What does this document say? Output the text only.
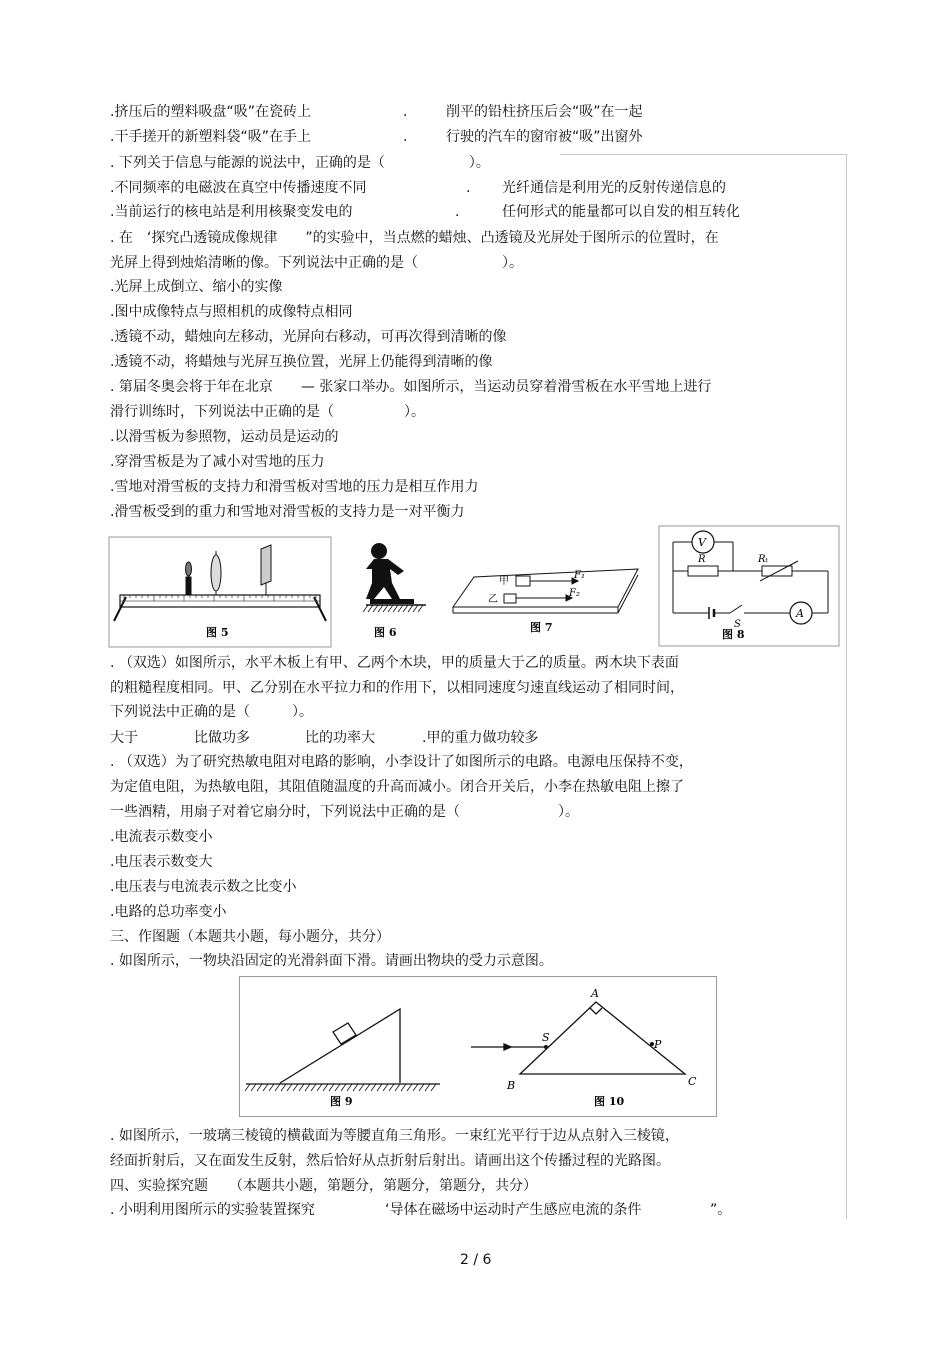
.挤压后的塑料吸盘“吸”在瓷砖上	.	削平的铅柱挤压后会“吸”在一起
.干手搓开的新塑料袋“吸”在手上	.	行驶的汽车的窗帘被“吸”出窗外
. 下列关于信息与能源的说法中，正确的是（　　　　　　）。
.不同频率的电磁波在真空中传播速度不同	. 光纤通信是利用光的反射传递信息的
.当前运行的核电站是利用核聚变发电的	.	任何形式的能量都可以自发的相互转化
. 在　‘探究凸透镜成像规律　　”的实验中，当点燃的蜡烛、凸透镜及光屏处于图所示的位置时，在
光屏上得到烛焰清晰的像。下列说法中正确的是（　　　　　　）。
.光屏上成倒立、缩小的实像
.图中成像特点与照相机的成像特点相同
.透镜不动，蜡烛向左移动，光屏向右移动，可再次得到清晰的像
.透镜不动，将蜡烛与光屏互换位置，光屏上仍能得到清晰的像
. 第届冬奥会将于年在北京　　— 张家口举办。如图所示，当运动员穿着滑雪板在水平雪地上进行
滑行训练时，下列说法中正确的是（　　　　　）。
.以滑雪板为参照物，运动员是运动的
.穿滑雪板是为了减小对雪地的压力
.雪地对滑雪板的支持力和滑雪板对雪地的压力是相互作用力
.滑雪板受到的重力和雪地对滑雪板的支持力是一对平衡力
图 5	图 6
甲
乙
F₁
F₂
图 7
V
A
R	Rₜ
S
图 8
. （双选）如图所示，水平木板上有甲、乙两个木块，甲的质量大于乙的质量。两木块下表面
的粗糙程度相同。甲、乙分别在水平拉力和的作用下，以相同速度匀速直线运动了相同时间，
下列说法中正确的是（　　　）。
大于	比做功多	比的功率大	.甲的重力做功较多
. （双选）为了研究热敏电阻对电路的影响，小李设计了如图所示的电路。电源电压保持不变，
为定值电阻，为热敏电阻，其阻值随温度的升高而减小。闭合开关后，小李在热敏电阻上擦了
一些酒精，用扇子对着它扇分时，下列说法中正确的是（　　　　　　　）。
.电流表示数变小
.电压表示数变大
.电压表与电流表示数之比变小
.电路的总功率变小
三、作图题（本题共小题，每小题分，共分）
. 如图所示，一物块沿固定的光滑斜面下滑。请画出物块的受力示意图。
图 9
A
B	C
S
P
图 10
. 如图所示，一玻璃三棱镜的横截面为等腰直角三角形。一束红光平行于边从点射入三棱镜，
经面折射后，又在面发生反射，然后恰好从点折射后射出。请画出这个传播过程的光路图。
四、实验探究题　　（本题共小题，第题分，第题分，第题分，共分）
. 小明利用图所示的实验装置探究	‘导体在磁场中运动时产生感应电流的条件	”。
2 / 6
